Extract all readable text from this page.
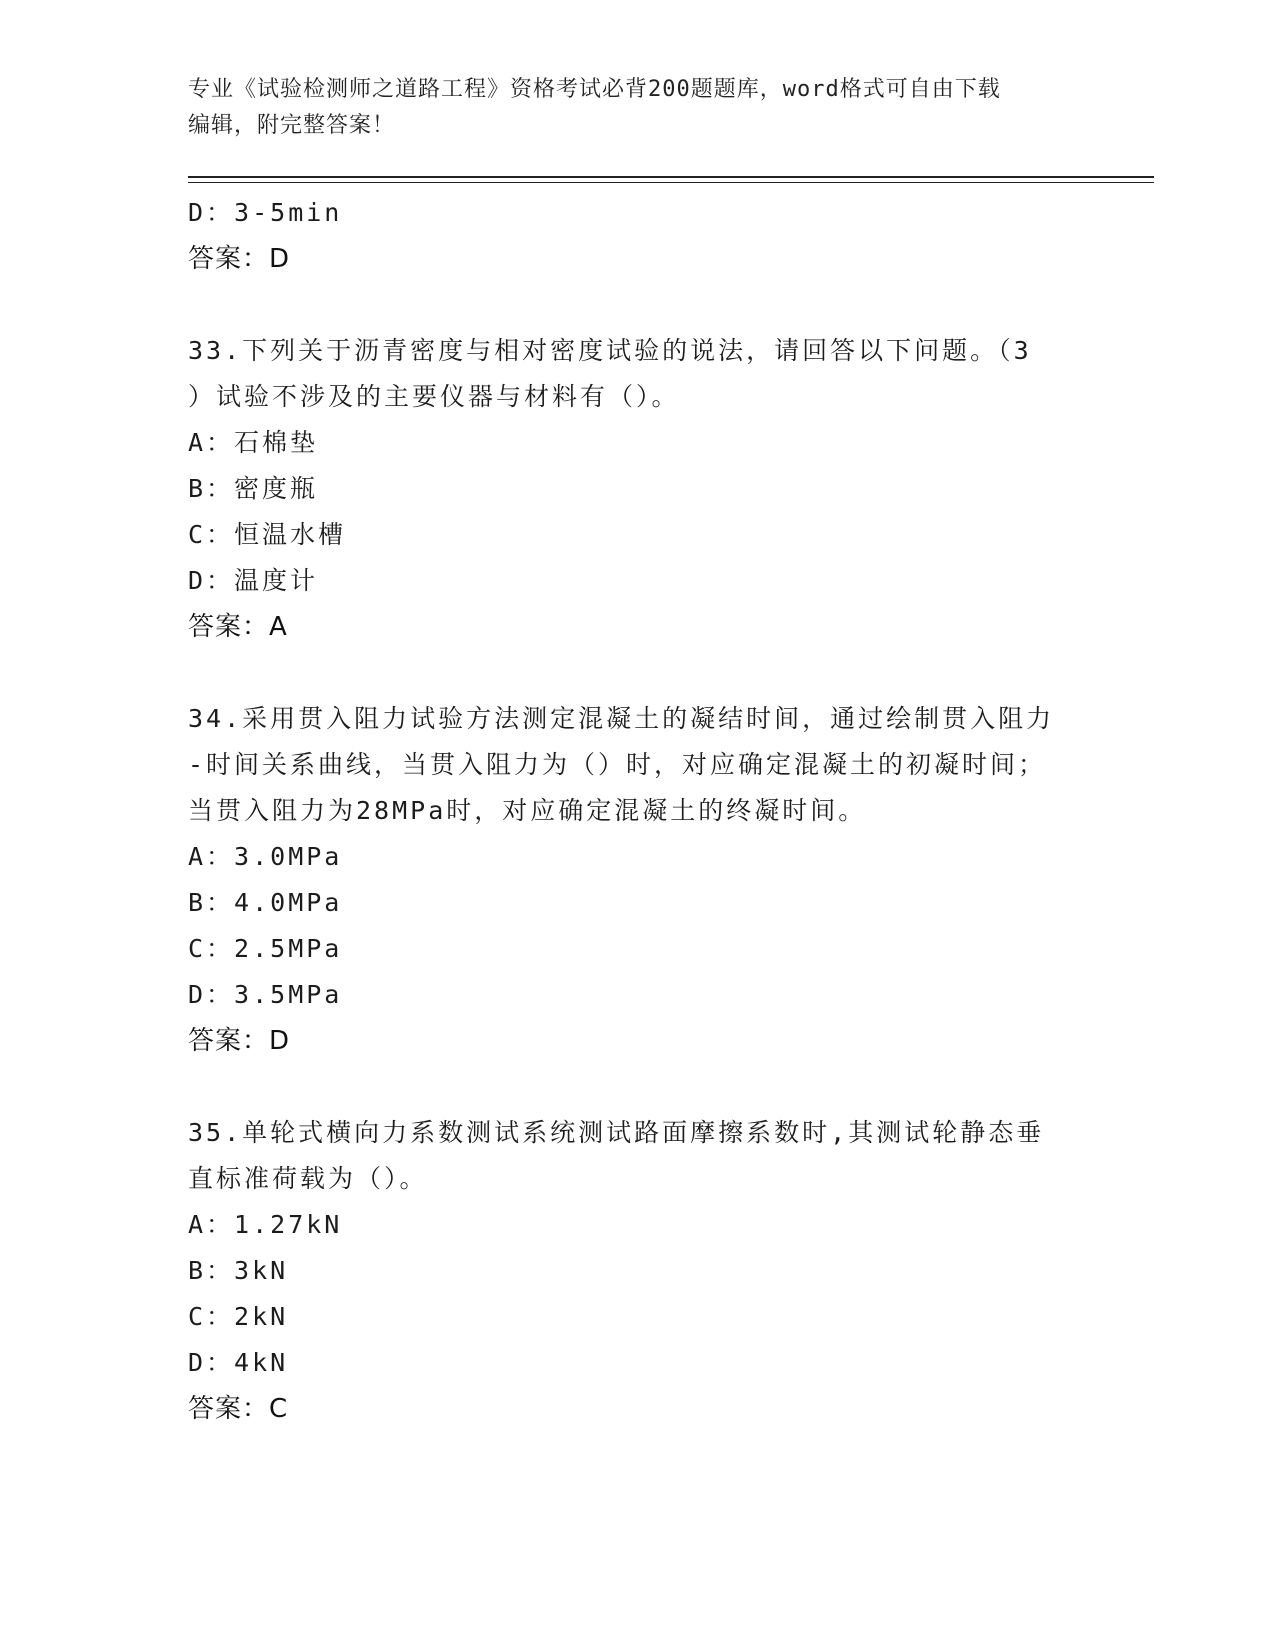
专业《试验检测师之道路工程》资格考试必背200题题库，word格式可自由下载
编辑，附完整答案！
D：3-5min
答案：D
33.下列关于沥青密度与相对密度试验的说法，请回答以下问题。（3
）试验不涉及的主要仪器与材料有（）。
A：石棉垫
B：密度瓶
C：恒温水槽
D：温度计
答案：A
34.采用贯入阻力试验方法测定混凝土的凝结时间，通过绘制贯入阻力
-时间关系曲线，当贯入阻力为（）时，对应确定混凝土的初凝时间；
当贯入阻力为28MPa时，对应确定混凝土的终凝时间。
A：3.0MPa
B：4.0MPa
C：2.5MPa
D：3.5MPa
答案：D
35.单轮式横向力系数测试系统测试路面摩擦系数时,其测试轮静态垂
直标准荷载为（）。
A：1.27kN
B：3kN
C：2kN
D：4kN
答案：C
